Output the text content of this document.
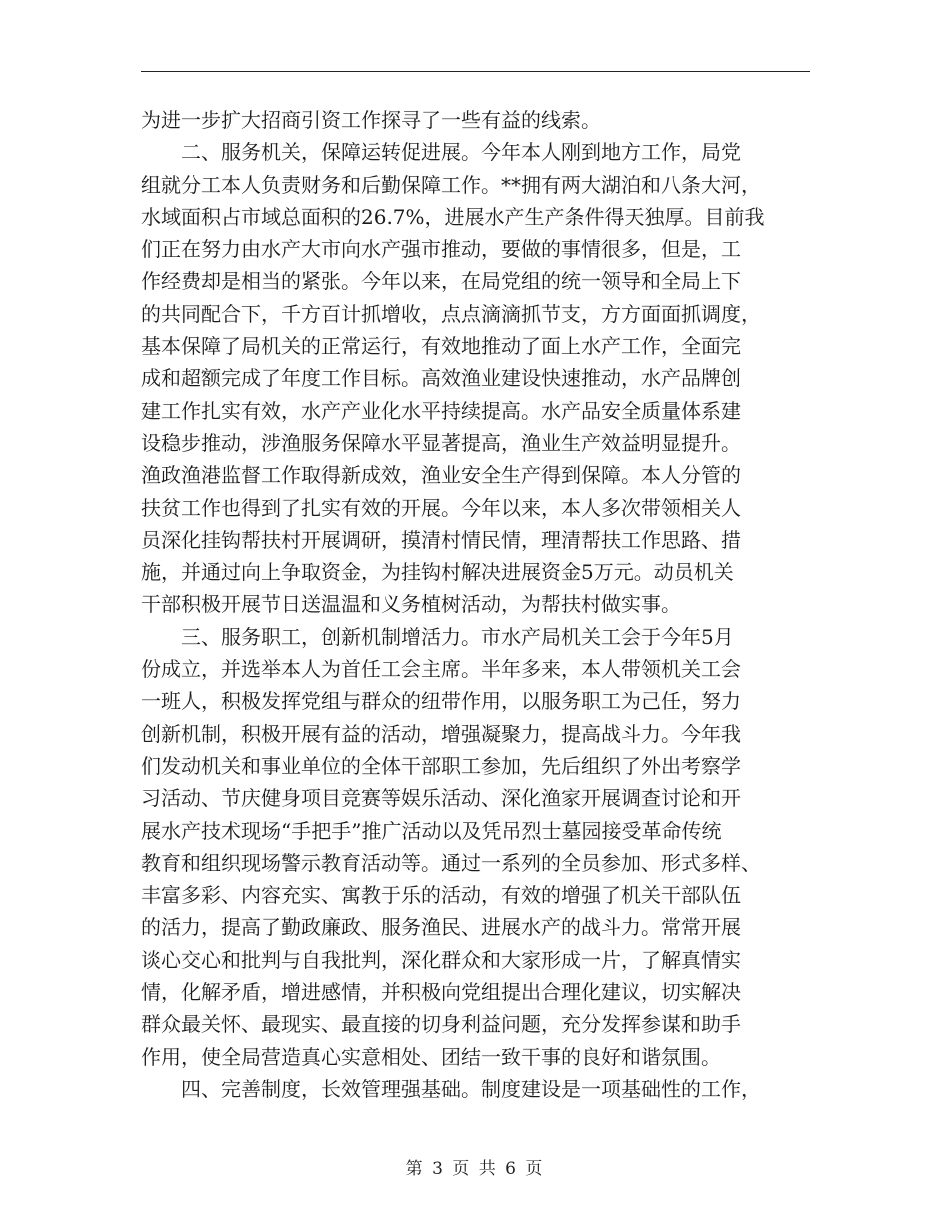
为进一步扩大招商引资工作探寻了一些有益的线索。
　　二、服务机关，保障运转促进展。今年本人刚到地方工作，局党
组就分工本人负责财务和后勤保障工作。**拥有两大湖泊和八条大河，
水域面积占市域总面积的26.7%，进展水产生产条件得天独厚。目前我
们正在努力由水产大市向水产强市推动，要做的事情很多，但是，工
作经费却是相当的紧张。今年以来，在局党组的统一领导和全局上下
的共同配合下，千方百计抓增收，点点滴滴抓节支，方方面面抓调度，
基本保障了局机关的正常运行，有效地推动了面上水产工作，全面完
成和超额完成了年度工作目标。高效渔业建设快速推动，水产品牌创
建工作扎实有效，水产产业化水平持续提高。水产品安全质量体系建
设稳步推动，涉渔服务保障水平显著提高，渔业生产效益明显提升。
渔政渔港监督工作取得新成效，渔业安全生产得到保障。本人分管的
扶贫工作也得到了扎实有效的开展。今年以来，本人多次带领相关人
员深化挂钩帮扶村开展调研，摸清村情民情，理清帮扶工作思路、措
施，并通过向上争取资金，为挂钩村解决进展资金5万元。动员机关
干部积极开展节日送温温和义务植树活动，为帮扶村做实事。
　　三、服务职工，创新机制增活力。市水产局机关工会于今年5月
份成立，并选举本人为首任工会主席。半年多来，本人带领机关工会
一班人，积极发挥党组与群众的纽带作用，以服务职工为己任，努力
创新机制，积极开展有益的活动，增强凝聚力，提高战斗力。今年我
们发动机关和事业单位的全体干部职工参加，先后组织了外出考察学
习活动、节庆健身项目竞赛等娱乐活动、深化渔家开展调查讨论和开
展水产技术现场“手把手”推广活动以及凭吊烈士墓园接受革命传统
教育和组织现场警示教育活动等。通过一系列的全员参加、形式多样、
丰富多彩、内容充实、寓教于乐的活动，有效的增强了机关干部队伍
的活力，提高了勤政廉政、服务渔民、进展水产的战斗力。常常开展
谈心交心和批判与自我批判，深化群众和大家形成一片，了解真情实
情，化解矛盾，增进感情，并积极向党组提出合理化建议，切实解决
群众最关怀、最现实、最直接的切身利益问题，充分发挥参谋和助手
作用，使全局营造真心实意相处、团结一致干事的良好和谐氛围。
　　四、完善制度，长效管理强基础。制度建设是一项基础性的工作，
第 3 页 共 6 页
